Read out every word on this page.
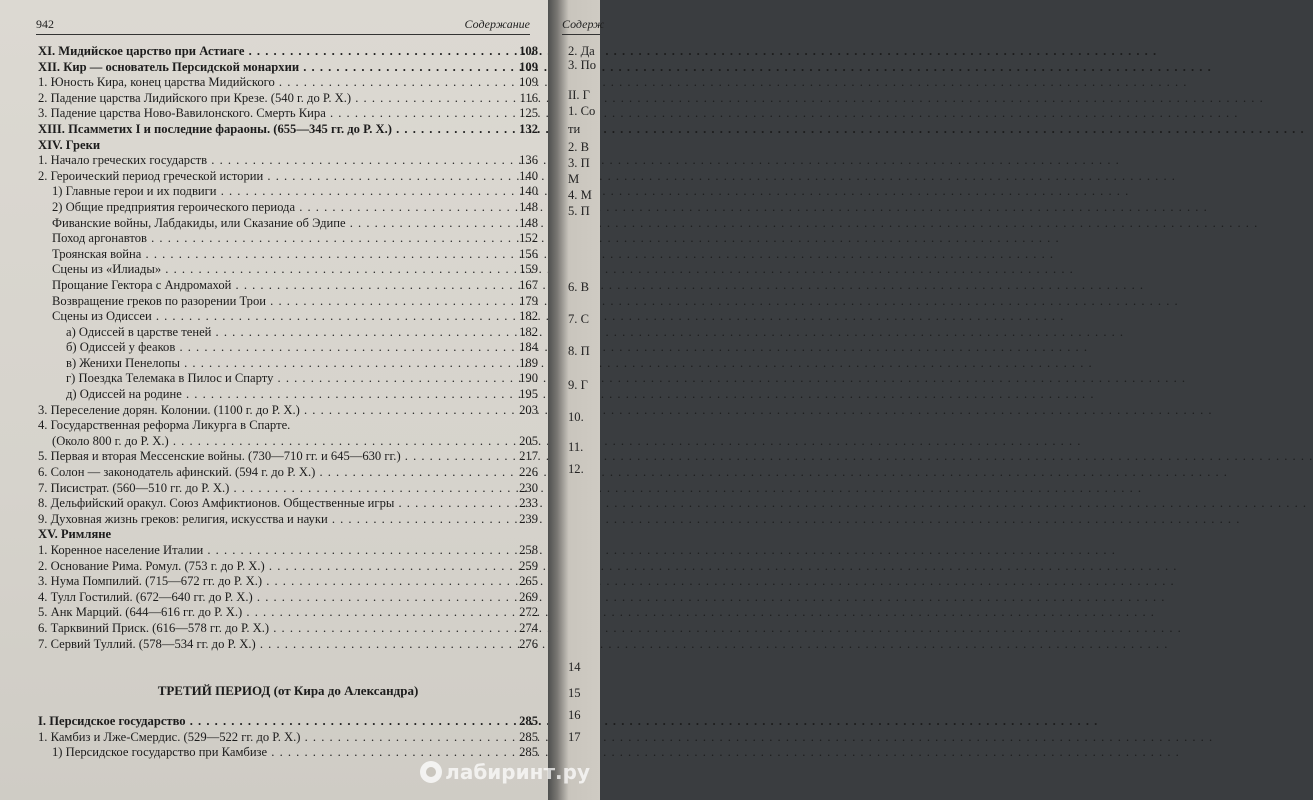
942	Содержание
XI. Мидийское царство при Астиаге . . .	108
XII. Кир — основатель Персидской монархии . . .	109
1. Юность Кира, конец царства Мидийского . . .	109
2. Падение царства Лидийского при Крезе. (540 г. до Р. Х.) . . .	116
3. Падение царства Ново-Вавилонского. Смерть Кира . . .	125
XIII. Псамметих I и последние фараоны. (655—345 гг. до Р. Х.) . . .	132
XIV. Греки
1. Начало греческих государств . . .	136
2. Героический период греческой истории . . .	140
1) Главные герои и их подвиги . . .	140
2) Общие предприятия героического периода . . .	148
Фиванские войны, Лабдакиды, или Сказание об Эдипе . . .	148
Поход аргонавтов . . .	152
Троянская война . . .	156
Сцены из «Илиады» . . .	159
Прощание Гектора с Андромахой . . .	167
Возвращение греков по разорении Трои . . .	179
Сцены из Одиссеи . . .	182
а) Одиссей в царстве теней . . .	182
б) Одиссей у феаков . . .	184
в) Женихи Пенелопы . . .	189
г) Поездка Телемака в Пилос и Спарту . . .	190
д) Одиссей на родине . . .	195
3. Переселение дорян. Колонии. (1100 г. до Р. Х.) . . .	203
4. Государственная реформа Ликурга в Спарте.
(Около 800 г. до Р. Х.) . . .	205
5. Первая и вторая Мессенские войны. (730—710 гг. и 645—630 гг.) . . .	217
6. Солон — законодатель афинский. (594 г. до Р. Х.) . . .	226
7. Писистрат. (560—510 гг. до Р. Х.) . . .	230
8. Дельфийский оракул. Союз Амфиктионов. Общественные игры . . .	233
9. Духовная жизнь греков: религия, искусства и науки . . .	239
XV. Римляне
1. Коренное население Италии . . .	258
2. Основание Рима. Ромул. (753 г. до Р. Х.) . . .	259
3. Нума Помпилий. (715—672 гг. до Р. Х.) . . .	265
4. Тулл Гостилий. (672—640 гг. до Р. Х.) . . .	269
5. Анк Марций. (644—616 гг. до Р. Х.) . . .	272
6. Тарквиний Приск. (616—578 гг. до Р. Х.) . . .	274
7. Сервий Туллий. (578—534 гг. до Р. Х.) . . .	276
ТРЕТИЙ ПЕРИОД (от Кира до Александра)
I. Персидское государство . . .	285
1. Камбиз и Лже-Смердис. (529—522 гг. до Р. Х.) . . .	285
1) Персидское государство при Камбизе . . .	285
Содерж
2. Да
3. По
II. Г
1. Со
ти
2. В
3. П
М
4. М
5. П
6. В
7. С
8. П
9. Г
10.
11.
12.
14
15
16
17
лабиринт.ру
